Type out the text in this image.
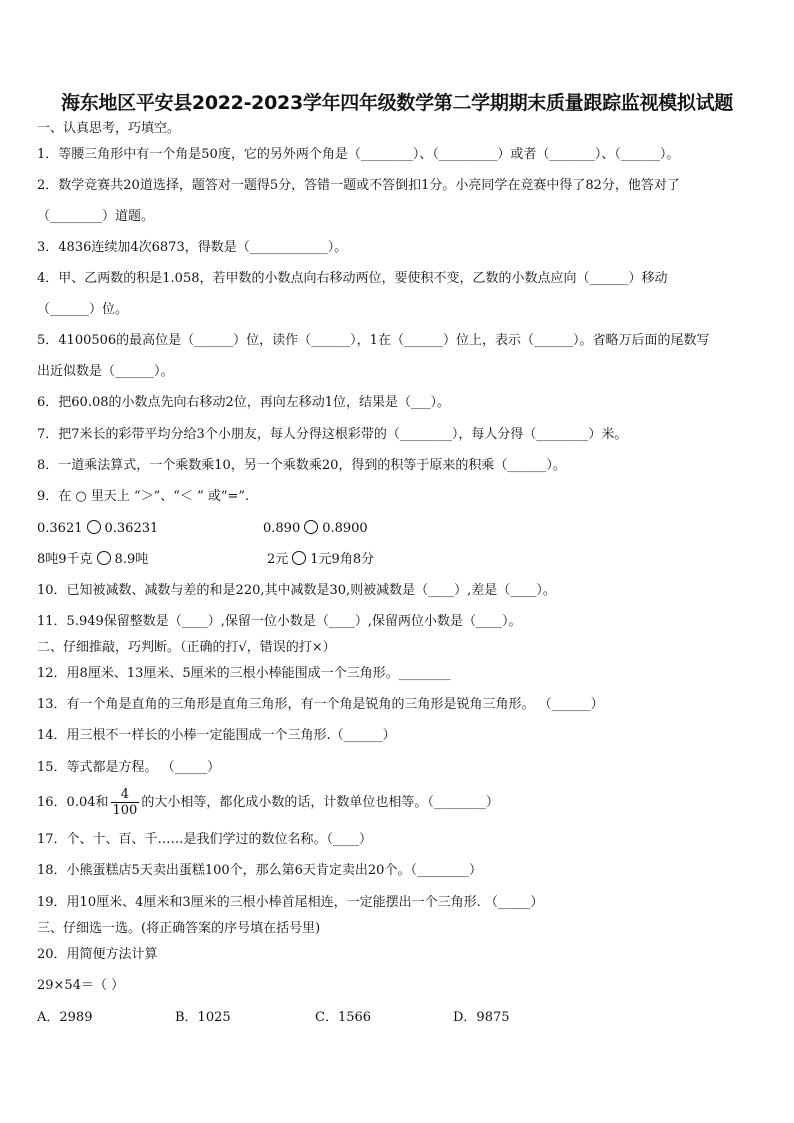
海东地区平安县2022-2023学年四年级数学第二学期期末质量跟踪监视模拟试题
一、认真思考，巧填空。
1．等腰三角形中有一个角是50度，它的另外两个角是（________）、（_________）或者（_______）、（______）。
2．数学竞赛共20道选择，题答对一题得5分，答错一题或不答倒扣1分。小亮同学在竞赛中得了82分，他答对了
（________）道题。
3．4836连续加4次6873，得数是（____________）。
4．甲、乙两数的积是1.058，若甲数的小数点向右移动两位，要使积不变，乙数的小数点应向（______）移动
（______）位。
5．4100506的最高位是（______）位，读作（______），1在（______）位上，表示（______）。省略万后面的尾数写
出近似数是（______）。
6．把60.08的小数点先向右移动2位，再向左移动1位，结果是（___）。
7．把7米长的彩带平均分给3个小朋友，每人分得这根彩带的（________），每人分得（________）米。
8．一道乘法算式，一个乘数乘10，另一个乘数乘20，得到的积等于原来的积乘（______）。
9．在 ○ 里天上 “＞”、“＜ ” 或“=”.
0.3621 0.36231	0.890 0.8900
8吨9千克 8.9吨	2元 1元9角8分
10．已知被减数、减数与差的和是220,其中减数是30,则被减数是（____）,差是（____）。
11．5.949保留整数是（____）,保留一位小数是（____）,保留两位小数是（____）。
二、仔细推敲，巧判断。（正确的打√，错误的打×）
12．用8厘米、13厘米、5厘米的三根小棒能围成一个三角形。________
13．有一个角是直角的三角形是直角三角形，有一个角是锐角的三角形是锐角三角形。 （______）
14．用三根不一样长的小棒一定能围成一个三角形.（______）
15．等式都是方程。 （_____）
16．0.04和 $\frac{4}{100}$ 的大小相等，都化成小数的话，计数单位也相等。（________）
17．个、十、百、千……是我们学过的数位名称。（____）
18．小熊蛋糕店5天卖出蛋糕100个，那么第6天肯定卖出20个。（________）
19．用10厘米、4厘米和3厘米的三根小棒首尾相连，一定能摆出一个三角形. （_____）
三、仔细选一选。(将正确答案的序号填在括号里)
20．用简便方法计算
29×54＝（ ）
A．2989	B．1025	C．1566	D．9875
